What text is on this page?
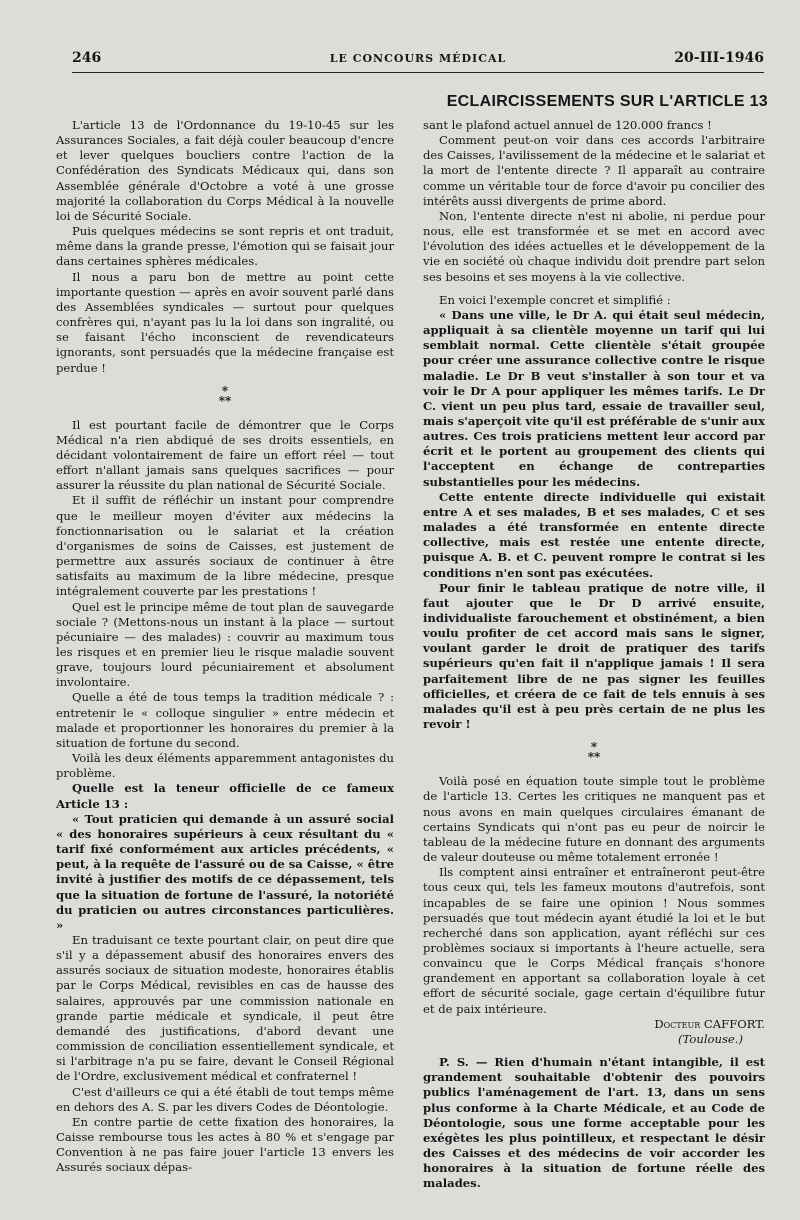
246	LE CONCOURS MÉDICAL	20-III-1946
ECLAIRCISSEMENTS SUR L'ARTICLE 13

L'article 13 de l'Ordonnance du 19-10-45 sur les Assurances Sociales, a fait déjà couler beaucoup d'encre et lever quelques boucliers contre l'action de la Confédération des Syndicats Médicaux qui, dans son Assemblée générale d'Octobre a voté à une grosse majorité la collaboration du Corps Médical à la nouvelle loi de Sécurité Sociale.

Puis quelques médecins se sont repris et ont traduit, même dans la grande presse, l'émotion qui se faisait jour dans certaines sphères médicales.

Il nous a paru bon de mettre au point cette importante question — après en avoir souvent parlé dans des Assemblées syndicales — surtout pour quelques confrères qui, n'ayant pas lu la loi dans son ingralité, ou se faisant l'écho inconscient de revendicateurs ignorants, sont persuadés que la médecine française est perdue !

*
**

Il est pourtant facile de démontrer que le Corps Médical n'a rien abdiqué de ses droits essentiels, en décidant volontairement de faire un effort réel — tout effort n'allant jamais sans quelques sacrifices — pour assurer la réussite du plan national de Sécurité Sociale.

Et il suffit de réfléchir un instant pour comprendre que le meilleur moyen d'éviter aux médecins la fonctionnarisation ou le salariat et la création d'organismes de soins de Caisses, est justement de permettre aux assurés sociaux de continuer à être satisfaits au maximum de la libre médecine, presque intégralement couverte par les prestations !

Quel est le principe même de tout plan de sauvegarde sociale ? (Mettons-nous un instant à la place — surtout pécuniaire — des malades) : couvrir au maximum tous les risques et en premier lieu le risque maladie souvent grave, toujours lourd pécuniairement et absolument involontaire.

Quelle a été de tous temps la tradition médicale ? : entretenir le « colloque singulier » entre médecin et malade et proportionner les honoraires du premier à la situation de fortune du second.

Voilà les deux éléments apparemment antagonistes du problème.

Quelle est la teneur officielle de ce fameux Article 13 :

« Tout praticien qui demande à un assuré social « des honoraires supérieurs à ceux résultant du « tarif fixé conformément aux articles précédents, « peut, à la requête de l'assuré ou de sa Caisse, « être invité à justifier des motifs de ce dépassement, tels que la situation de fortune de l'assuré, la notoriété du praticien ou autres circonstances particulières. »

En traduisant ce texte pourtant clair, on peut dire que s'il y a dépassement abusif des honoraires envers des assurés sociaux de situation modeste, honoraires établis par le Corps Médical, revisibles en cas de hausse des salaires, approuvés par une commission nationale en grande partie médicale et syndicale, il peut être demandé des justifications, d'abord devant une commission de conciliation essentiellement syndicale, et si l'arbitrage n'a pu se faire, devant le Conseil Régional de l'Ordre, exclusivement médical et confraternel !

C'est d'ailleurs ce qui a été établi de tout temps même en dehors des A. S. par les divers Codes de Déontologie.

En contre partie de cette fixation des honoraires, la Caisse rembourse tous les actes à 80 % et s'engage par Convention à ne pas faire jouer l'article 13 envers les Assurés sociaux dépas-

sant le plafond actuel annuel de 120.000 francs !

Comment peut-on voir dans ces accords l'arbitraire des Caisses, l'avilissement de la médecine et le salariat et la mort de l'entente directe ? Il apparaît au contraire comme un véritable tour de force d'avoir pu concilier des intérêts aussi divergents de prime abord.

Non, l'entente directe n'est ni abolie, ni perdue pour nous, elle est transformée et se met en accord avec l'évolution des idées actuelles et le développement de la vie en société où chaque individu doit prendre part selon ses besoins et ses moyens à la vie collective.

En voici l'exemple concret et simplifié :

« Dans une ville, le Dr A. qui était seul médecin, appliquait à sa clientèle moyenne un tarif qui lui semblait normal. Cette clientèle s'était groupée pour créer une assurance collective contre le risque maladie. Le Dr B veut s'installer à son tour et va voir le Dr A pour appliquer les mêmes tarifs. Le Dr C. vient un peu plus tard, essaie de travailler seul, mais s'aperçoit vite qu'il est préférable de s'unir aux autres. Ces trois praticiens mettent leur accord par écrit et le portent au groupement des clients qui l'acceptent en échange de contreparties substantielles pour les médecins.

Cette entente directe individuelle qui existait entre A et ses malades, B et ses malades, C et ses malades a été transformée en entente directe collective, mais est restée une entente directe, puisque A. B. et C. peuvent rompre le contrat si les conditions n'en sont pas exécutées.

Pour finir le tableau pratique de notre ville, il faut ajouter que le Dr D arrivé ensuite, individualiste farouchement et obstinément, a bien voulu profiter de cet accord mais sans le signer, voulant garder le droit de pratiquer des tarifs supérieurs qu'en fait il n'applique jamais ! Il sera parfaitement libre de ne pas signer les feuilles officielles, et créera de ce fait de tels ennuis à ses malades qu'il est à peu près certain de ne plus les revoir !

*
**

Voilà posé en équation toute simple tout le problème de l'article 13. Certes les critiques ne manquent pas et nous avons en main quelques circulaires émanant de certains Syndicats qui n'ont pas eu peur de noircir le tableau de la médecine future en donnant des arguments de valeur douteuse ou même totalement erronée !

Ils comptent ainsi entraîner et entraîneront peut-être tous ceux qui, tels les fameux moutons d'autrefois, sont incapables de se faire une opinion ! Nous sommes persuadés que tout médecin ayant étudié la loi et le but recherché dans son application, ayant réfléchi sur ces problèmes sociaux si importants à l'heure actuelle, sera convaincu que le Corps Médical français s'honore grandement en apportant sa collaboration loyale à cet effort de sécurité sociale, gage certain d'équilibre futur et de paix intérieure.

Docteur CAFFORT.

(Toulouse.)

P. S. — Rien d'humain n'étant intangible, il est grandement souhaitable d'obtenir des pouvoirs publics l'aménagement de l'art. 13, dans un sens plus conforme à la Charte Médicale, et au Code de Déontologie, sous une forme acceptable pour les exégètes les plus pointilleux, et respectant le désir des Caisses et des médecins de voir accorder les honoraires à la situation de fortune réelle des malades.
